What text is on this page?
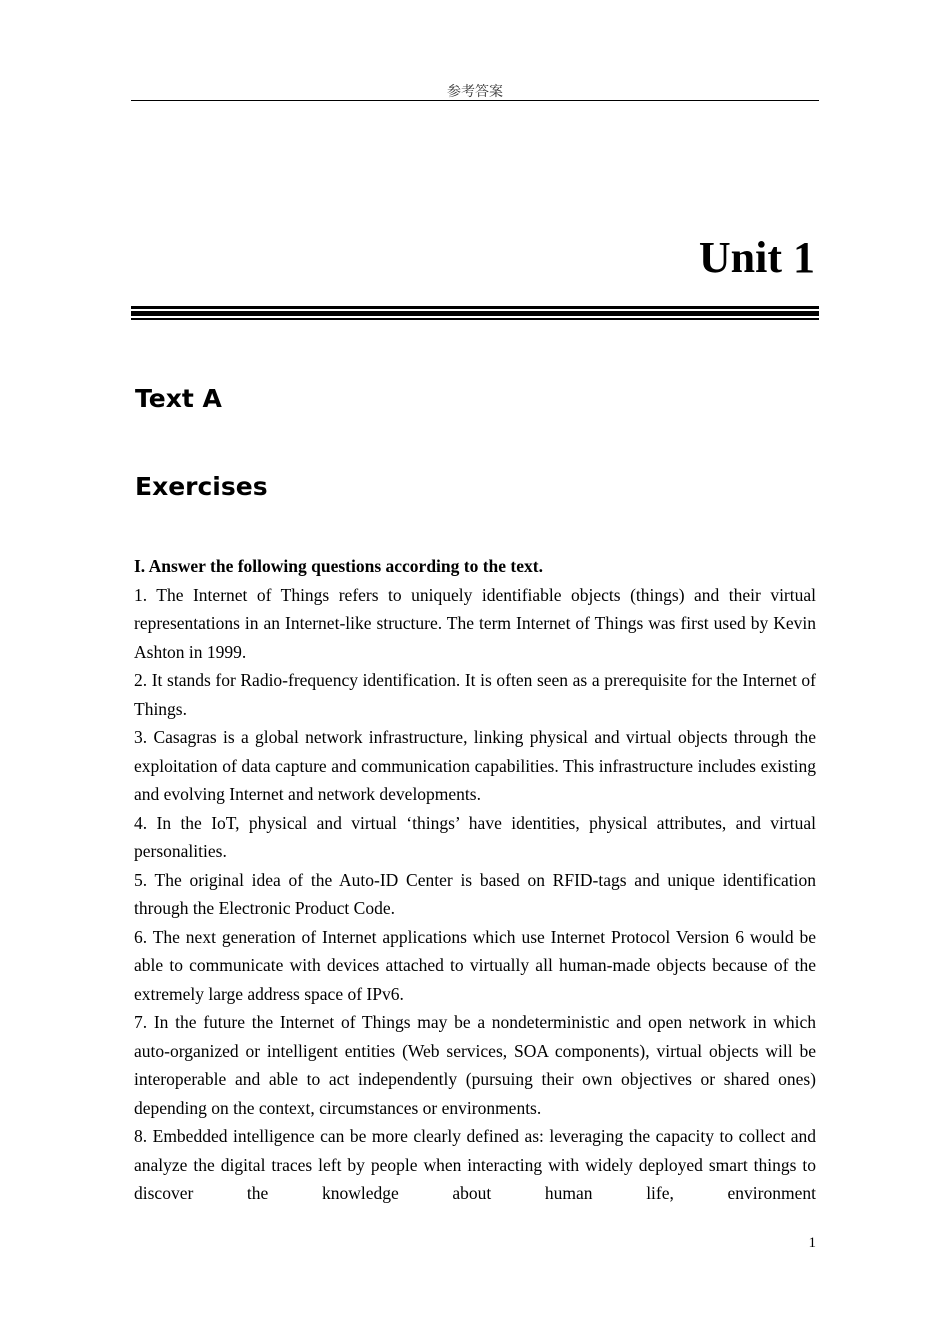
参考答案
Unit 1
Text A
Exercises

I. Answer the following questions according to the text.

1. The Internet of Things refers to uniquely identifiable objects (things) and their virtual representations in an Internet-like structure. The term Internet of Things was first used by Kevin Ashton in 1999.

2. It stands for Radio-frequency identification. It is often seen as a prerequisite for the Internet of Things.

3. Casagras is a global network infrastructure, linking physical and virtual objects through the exploitation of data capture and communication capabilities. This infrastructure includes existing and evolving Internet and network developments.

4. In the IoT, physical and virtual ‘things’ have identities, physical attributes, and virtual personalities.

5. The original idea of the Auto-ID Center is based on RFID-tags and unique identification through the Electronic Product Code.

6. The next generation of Internet applications which use Internet Protocol Version 6 would be able to communicate with devices attached to virtually all human-made objects because of the extremely large address space of IPv6.

7. In the future the Internet of Things may be a nondeterministic and open network in which auto-organized or intelligent entities (Web services, SOA components), virtual objects will be interoperable and able to act independently (pursuing their own objectives or shared ones) depending on the context, circumstances or environments.

8. Embedded intelligence can be more clearly defined as: leveraging the capacity to collect and analyze the digital traces left by people when interacting with widely deployed smart things to discover the knowledge about human life, environment

1
